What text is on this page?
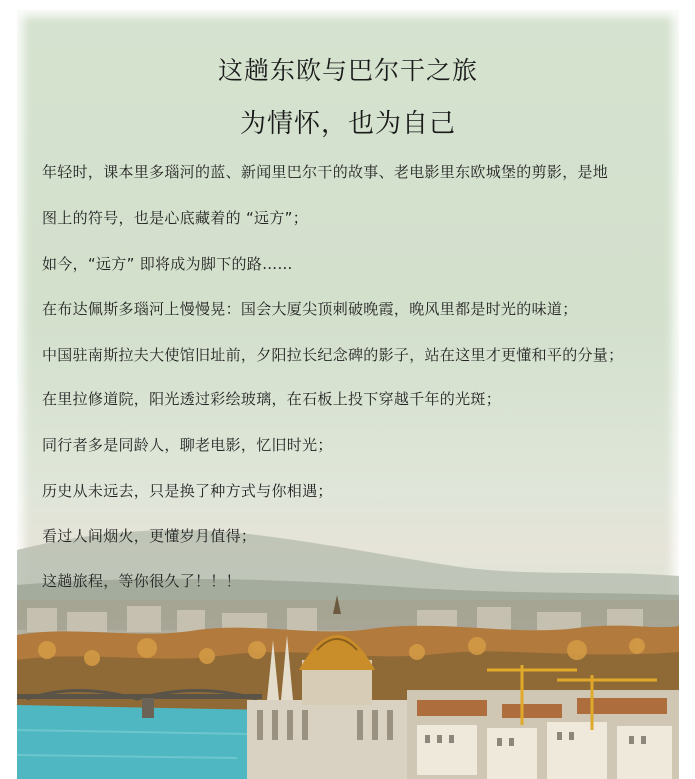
这趟东欧与巴尔干之旅
为情怀，也为自己
年轻时，课本里多瑙河的蓝、新闻里巴尔干的故事、老电影里东欧城堡的剪影，是地
图上的符号，也是心底藏着的 “远方”；
如今，“远方” 即将成为脚下的路……
在布达佩斯多瑙河上慢慢晃：国会大厦尖顶刺破晚霞，晚风里都是时光的味道；
中国驻南斯拉夫大使馆旧址前，夕阳拉长纪念碑的影子，站在这里才更懂和平的分量；
在里拉修道院，阳光透过彩绘玻璃，在石板上投下穿越千年的光斑；
同行者多是同龄人，聊老电影，忆旧时光；
历史从未远去，只是换了种方式与你相遇；
看过人间烟火，更懂岁月值得；
这趟旅程，等你很久了！！！
